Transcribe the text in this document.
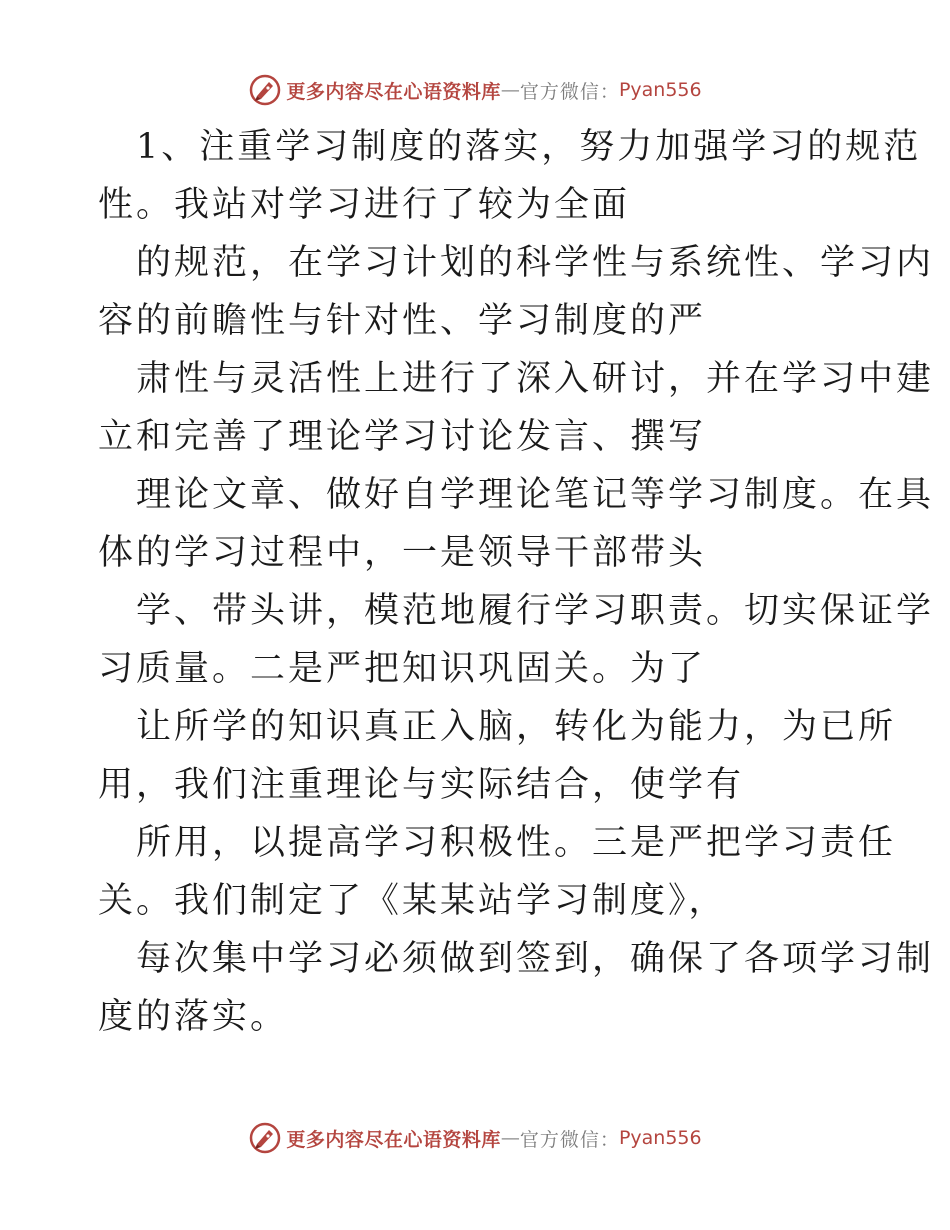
更多内容尽在心语资料库 — 官方微信 ： Pyan556
1、注重学习制度的落实，努力加强学习的规范
性。我站对学习进行了较为全面
的规范，在学习计划的科学性与系统性、学习内
容的前瞻性与针对性、学习制度的严
肃性与灵活性上进行了深入研讨，并在学习中建
立和完善了理论学习讨论发言、撰写
理论文章、做好自学理论笔记等学习制度。在具
体的学习过程中，一是领导干部带头
学、带头讲，模范地履行学习职责。切实保证学
习质量。二是严把知识巩固关。为了
让所学的知识真正入脑，转化为能力，为已所
用，我们注重理论与实际结合，使学有
所用，以提高学习积极性。三是严把学习责任
关。我们制定了《某某站学习制度》，
每次集中学习必须做到签到，确保了各项学习制
度的落实。
更多内容尽在心语资料库 — 官方微信 ： Pyan556
